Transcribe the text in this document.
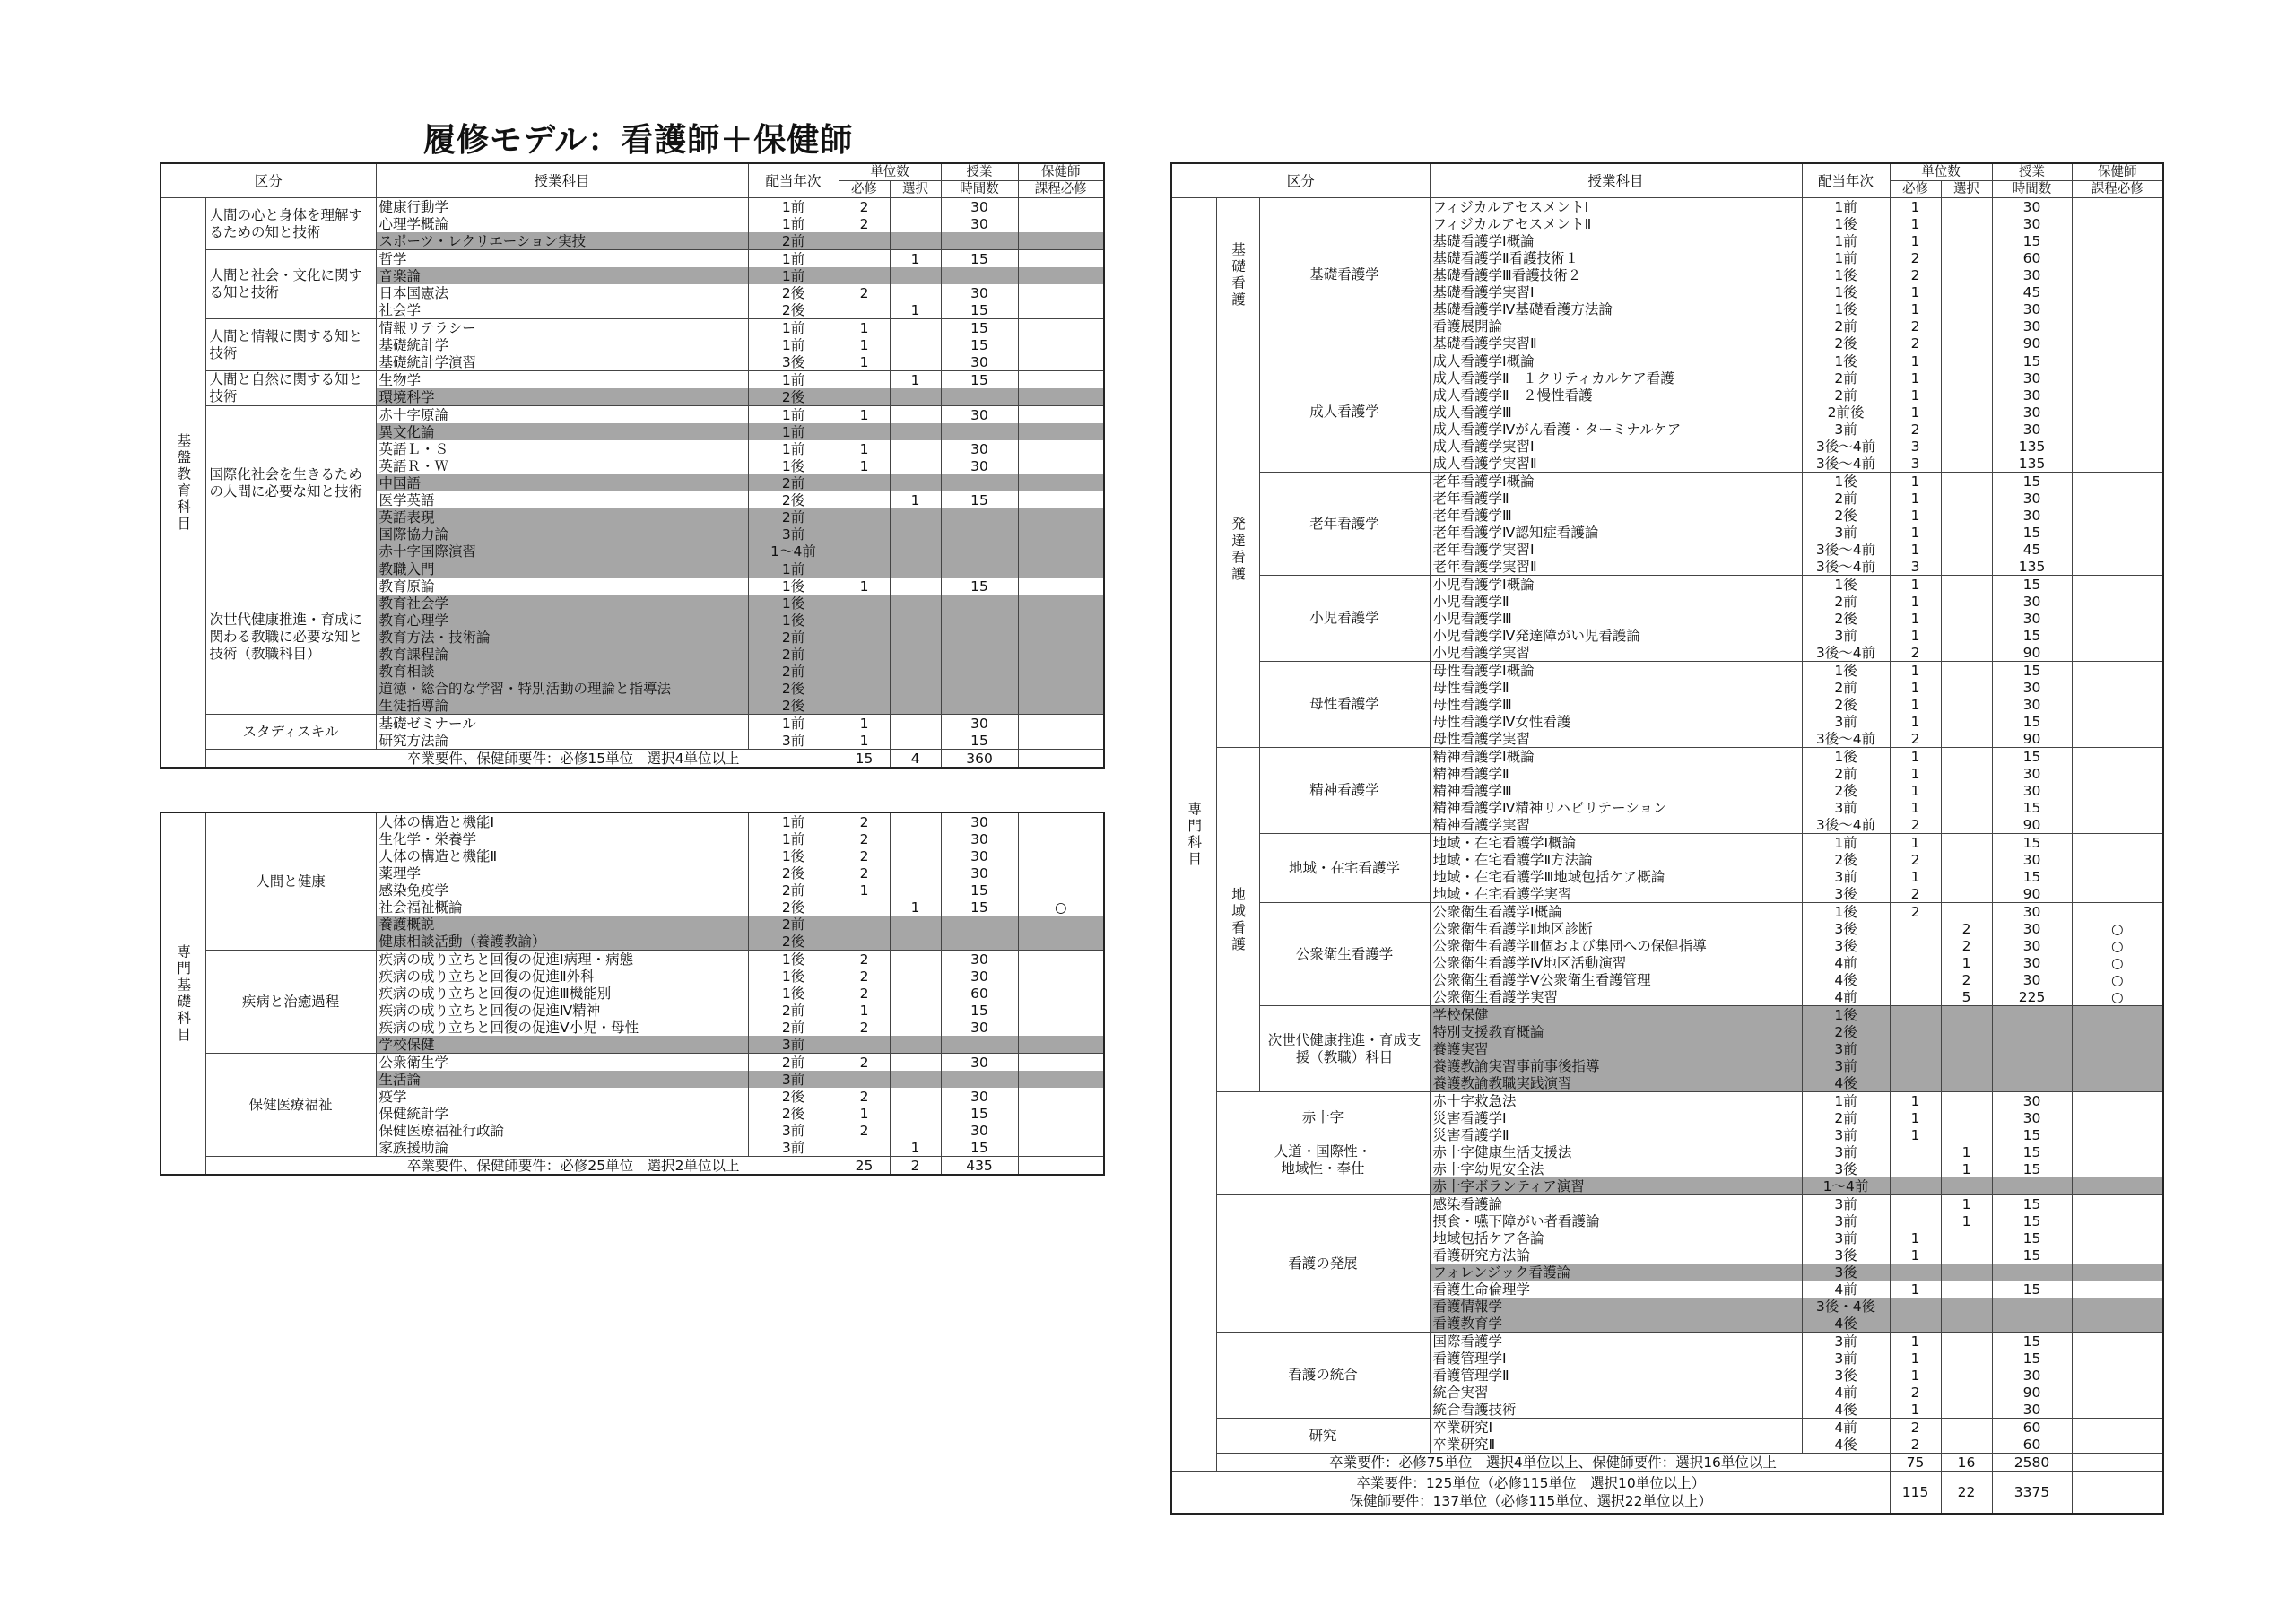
履修モデル：看護師＋保健師
区分		授業科目	配当年次	単位数		授業	保健師
				必修	選択	時間数	課程必修
基盤教育科目	人間の心と身体を理解するための知と技術	健康行動学	1前	2		30	
		心理学概論	1前	2		30	
		スポーツ・レクリエーション実技	2前				
	人間と社会・文化に関する知と技術	哲学	1前		1	15	
		音楽論	1前				
		日本国憲法	2後	2		30	
		社会学	2後		1	15	
	人間と情報に関する知と技術	情報リテラシー	1前	1		15	
		基礎統計学	1前	1		15	
		基礎統計学演習	3後	1		30	
	人間と自然に関する知と技術	生物学	1前		1	15	
		環境科学	2後				
	国際化社会を生きるための人間に必要な知と技術	赤十字原論	1前	1		30	
		異文化論	1前				
		英語Ｌ・Ｓ	1前	1		30	
		英語Ｒ・Ｗ	1後	1		30	
		中国語	2前				
		医学英語	2後		1	15	
		英語表現	2前				
		国際協力論	3前				
		赤十字国際演習	1～4前				
	次世代健康推進・育成に関わる教職に必要な知と技術（教職科目）	教職入門	1前				
		教育原論	1後	1		15	
		教育社会学	1後				
		教育心理学	1後				
		教育方法・技術論	2前				
		教育課程論	2前				
		教育相談	2前				
		道徳・総合的な学習・特別活動の理論と指導法	2後				
		生徒指導論	2後				
	スタディスキル	基礎ゼミナール	1前	1		30	
		研究方法論	3前	1		15	
	卒業要件、保健師要件：必修15単位　選択4単位以上			15	4	360	
専門基礎科目	人間と健康	人体の構造と機能Ⅰ	1前	2		30	
		生化学・栄養学	1前	2		30	
		人体の構造と機能Ⅱ	1後	2		30	
		薬理学	2後	2		30	
		感染免疫学	2前	1		15	
		社会福祉概論	2後		1	15	○
		養護概説	2前				
		健康相談活動（養護教諭）	2後				
	疾病と治癒過程	疾病の成り立ちと回復の促進Ⅰ病理・病態	1後	2		30	
		疾病の成り立ちと回復の促進Ⅱ外科	1後	2		30	
		疾病の成り立ちと回復の促進Ⅲ機能別	1後	2		60	
		疾病の成り立ちと回復の促進Ⅳ精神	2前	1		15	
		疾病の成り立ちと回復の促進Ⅴ小児・母性	2前	2		30	
		学校保健	3前				
	保健医療福祉	公衆衛生学	2前	2		30	
		生活論	3前				
		疫学	2後	2		30	
		保健統計学	2後	1		15	
		保健医療福祉行政論	3前	2		30	
		家族援助論	3前		1	15	
	卒業要件、保健師要件：必修25単位　選択2単位以上			25	2	435	
区分			授業科目	配当年次	単位数		授業	保健師
					必修	選択	時間数	課程必修
専門科目	基礎看護	基礎看護学	フィジカルアセスメントⅠ	1前	1		30	
			フィジカルアセスメントⅡ	1後	1		30	
			基礎看護学Ⅰ概論	1前	1		15	
			基礎看護学Ⅱ看護技術１	1前	2		60	
			基礎看護学Ⅲ看護技術２	1後	2		30	
			基礎看護学実習Ⅰ	1後	1		45	
			基礎看護学Ⅳ基礎看護方法論	1後	1		30	
			看護展開論	2前	2		30	
			基礎看護学実習Ⅱ	2後	2		90	
	発達看護	成人看護学	成人看護学Ⅰ概論	1後	1		15	
			成人看護学Ⅱ－１クリティカルケア看護	2前	1		30	
			成人看護学Ⅱ－２慢性看護	2前	1		30	
			成人看護学Ⅲ	2前後	1		30	
			成人看護学Ⅳがん看護・ターミナルケア	3前	2		30	
			成人看護学実習Ⅰ	3後～4前	3		135	
			成人看護学実習Ⅱ	3後～4前	3		135	
		老年看護学	老年看護学Ⅰ概論	1後	1		15	
			老年看護学Ⅱ	2前	1		30	
			老年看護学Ⅲ	2後	1		30	
			老年看護学Ⅳ認知症看護論	3前	1		15	
			老年看護学実習Ⅰ	3後～4前	1		45	
			老年看護学実習Ⅱ	3後～4前	3		135	
		小児看護学	小児看護学Ⅰ概論	1後	1		15	
			小児看護学Ⅱ	2前	1		30	
			小児看護学Ⅲ	2後	1		30	
			小児看護学Ⅳ発達障がい児看護論	3前	1		15	
			小児看護学実習	3後～4前	2		90	
		母性看護学	母性看護学Ⅰ概論	1後	1		15	
			母性看護学Ⅱ	2前	1		30	
			母性看護学Ⅲ	2後	1		30	
			母性看護学Ⅳ女性看護	3前	1		15	
			母性看護学実習	3後～4前	2		90	
	地域看護	精神看護学	精神看護学Ⅰ概論	1後	1		15	
			精神看護学Ⅱ	2前	1		30	
			精神看護学Ⅲ	2後	1		30	
			精神看護学Ⅳ精神リハビリテーション	3前	1		15	
			精神看護学実習	3後～4前	2		90	
		地域・在宅看護学	地域・在宅看護学Ⅰ概論	1前	1		15	
			地域・在宅看護学Ⅱ方法論	2後	2		30	
			地域・在宅看護学Ⅲ地域包括ケア概論	3前	1		15	
			地域・在宅看護学実習	3後	2		90	
		公衆衛生看護学	公衆衛生看護学Ⅰ概論	1後	2		30	
			公衆衛生看護学Ⅱ地区診断	3後		2	30	○
			公衆衛生看護学Ⅲ個および集団への保健指導	3後		2	30	○
			公衆衛生看護学Ⅳ地区活動演習	4前		1	30	○
			公衆衛生看護学Ⅴ公衆衛生看護管理	4後		2	30	○
			公衆衛生看護学実習	4前		5	225	○
		次世代健康推進・育成支援（教職）科目	学校保健	1後				
			特別支援教育概論	2後				
			養護実習	3前				
			養護教諭実習事前事後指導	3前				
			養護教諭教職実践演習	4後				
	赤十字

人道・国際性・
地域性・奉仕		赤十字救急法	1前	1		30	
			災害看護学Ⅰ	2前	1		30	
			災害看護学Ⅱ	3前	1		15	
			赤十字健康生活支援法	3前		1	15	
			赤十字幼児安全法	3後		1	15	
			赤十字ボランティア演習	1～4前				
	看護の発展		感染看護論	3前		1	15	
			摂食・嚥下障がい者看護論	3前		1	15	
			地域包括ケア各論	3前	1		15	
			看護研究方法論	3後	1		15	
			フォレンジック看護論	3後				
			看護生命倫理学	4前	1		15	
			看護情報学	3後・4後				
			看護教育学	4後				
	看護の統合		国際看護学	3前	1		15	
			看護管理学Ⅰ	3前	1		15	
			看護管理学Ⅱ	3後	1		30	
			統合実習	4前	2		90	
			統合看護技術	4後	1		30	
	研究		卒業研究Ⅰ	4前	2		60	
			卒業研究Ⅱ	4後	2		60	
	卒業要件：必修75単位　選択4単位以上、保健師要件：選択16単位以上				75	16	2580	

卒業要件：125単位（必修115単位　選択10単位以上）
保健師要件：137単位（必修115単位、選択22単位以上）					115	22	3375	
